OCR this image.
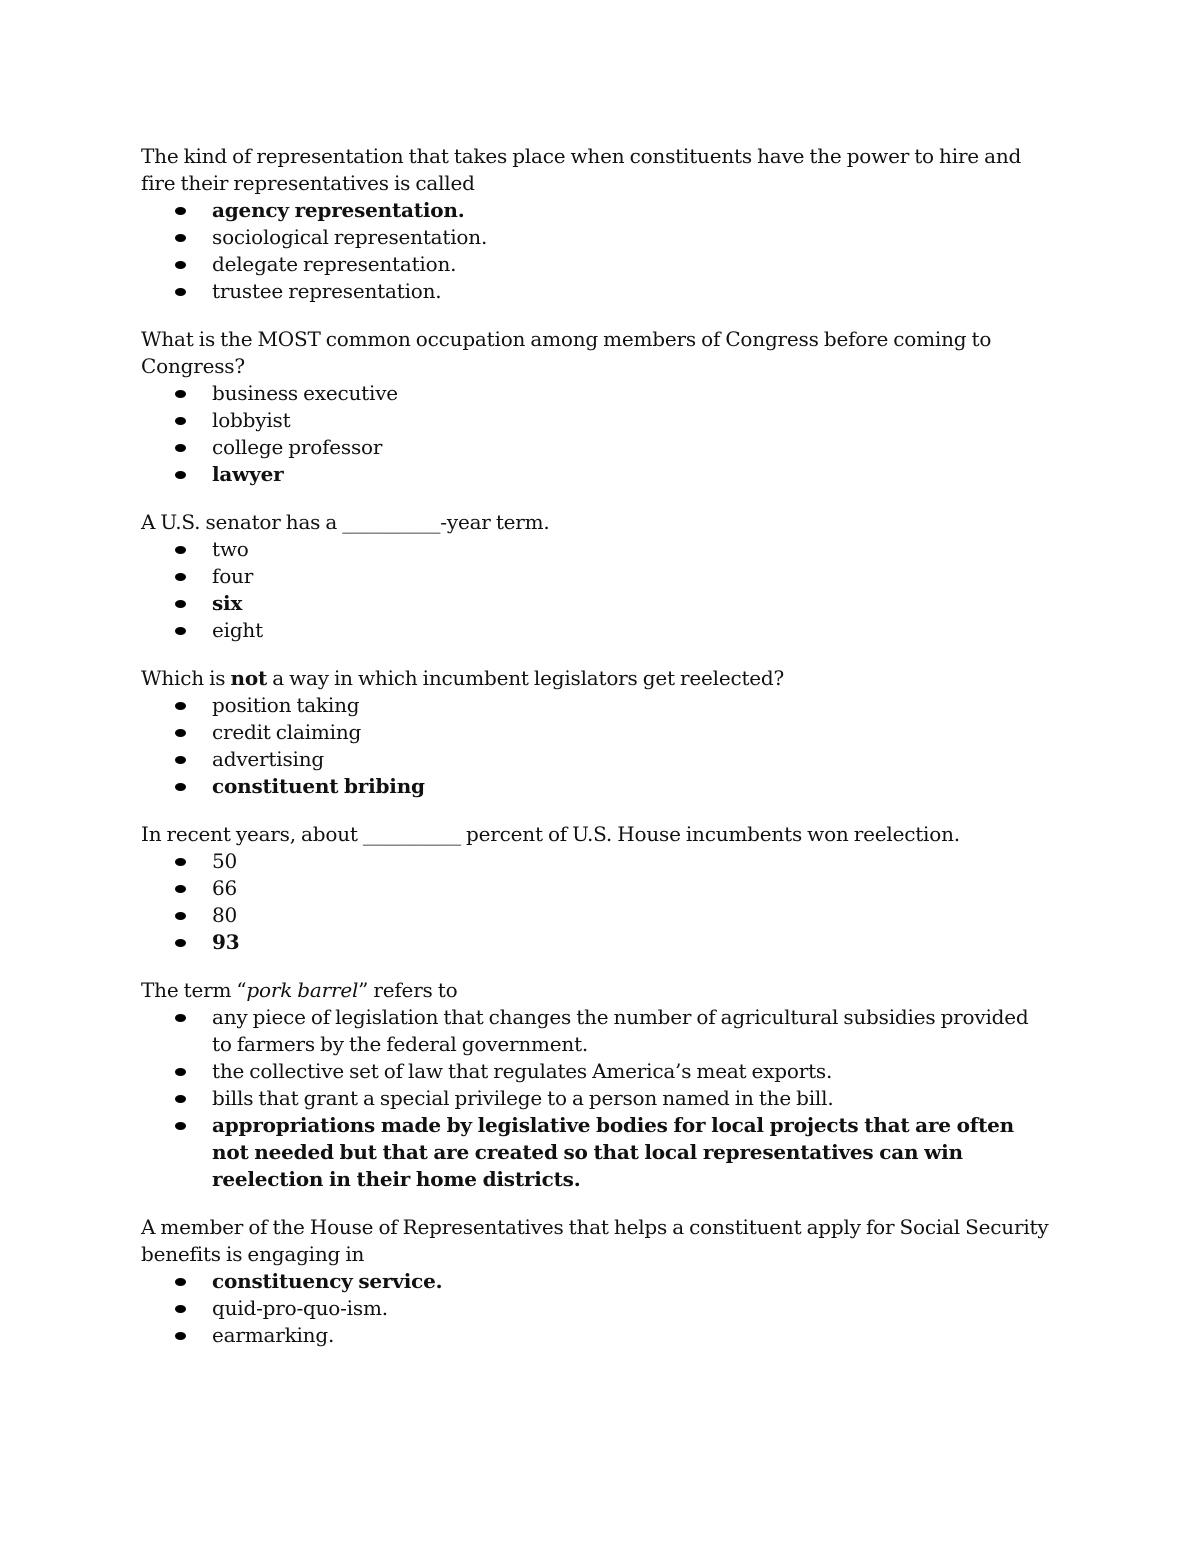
The kind of representation that takes place when constituents have the power to hire and fire their representatives is called

agency representation.
sociological representation.
delegate representation.
trustee representation.

What is the MOST common occupation among members of Congress before coming to Congress?

business executive
lobbyist
college professor
lawyer

A U.S. senator has a __________-year term.

two
four
six
eight

Which is not a way in which incumbent legislators get reelected?

position taking
credit claiming
advertising
constituent bribing

In recent years, about __________ percent of U.S. House incumbents won reelection.

50
66
80
93

The term “pork barrel” refers to

any piece of legislation that changes the number of agricultural subsidies provided to farmers by the federal government.
the collective set of law that regulates America’s meat exports.
bills that grant a special privilege to a person named in the bill.
appropriations made by legislative bodies for local projects that are often not needed but that are created so that local representatives can win reelection in their home districts.

A member of the House of Representatives that helps a constituent apply for Social Security benefits is engaging in

constituency service.
quid-pro-quo-ism.
earmarking.
